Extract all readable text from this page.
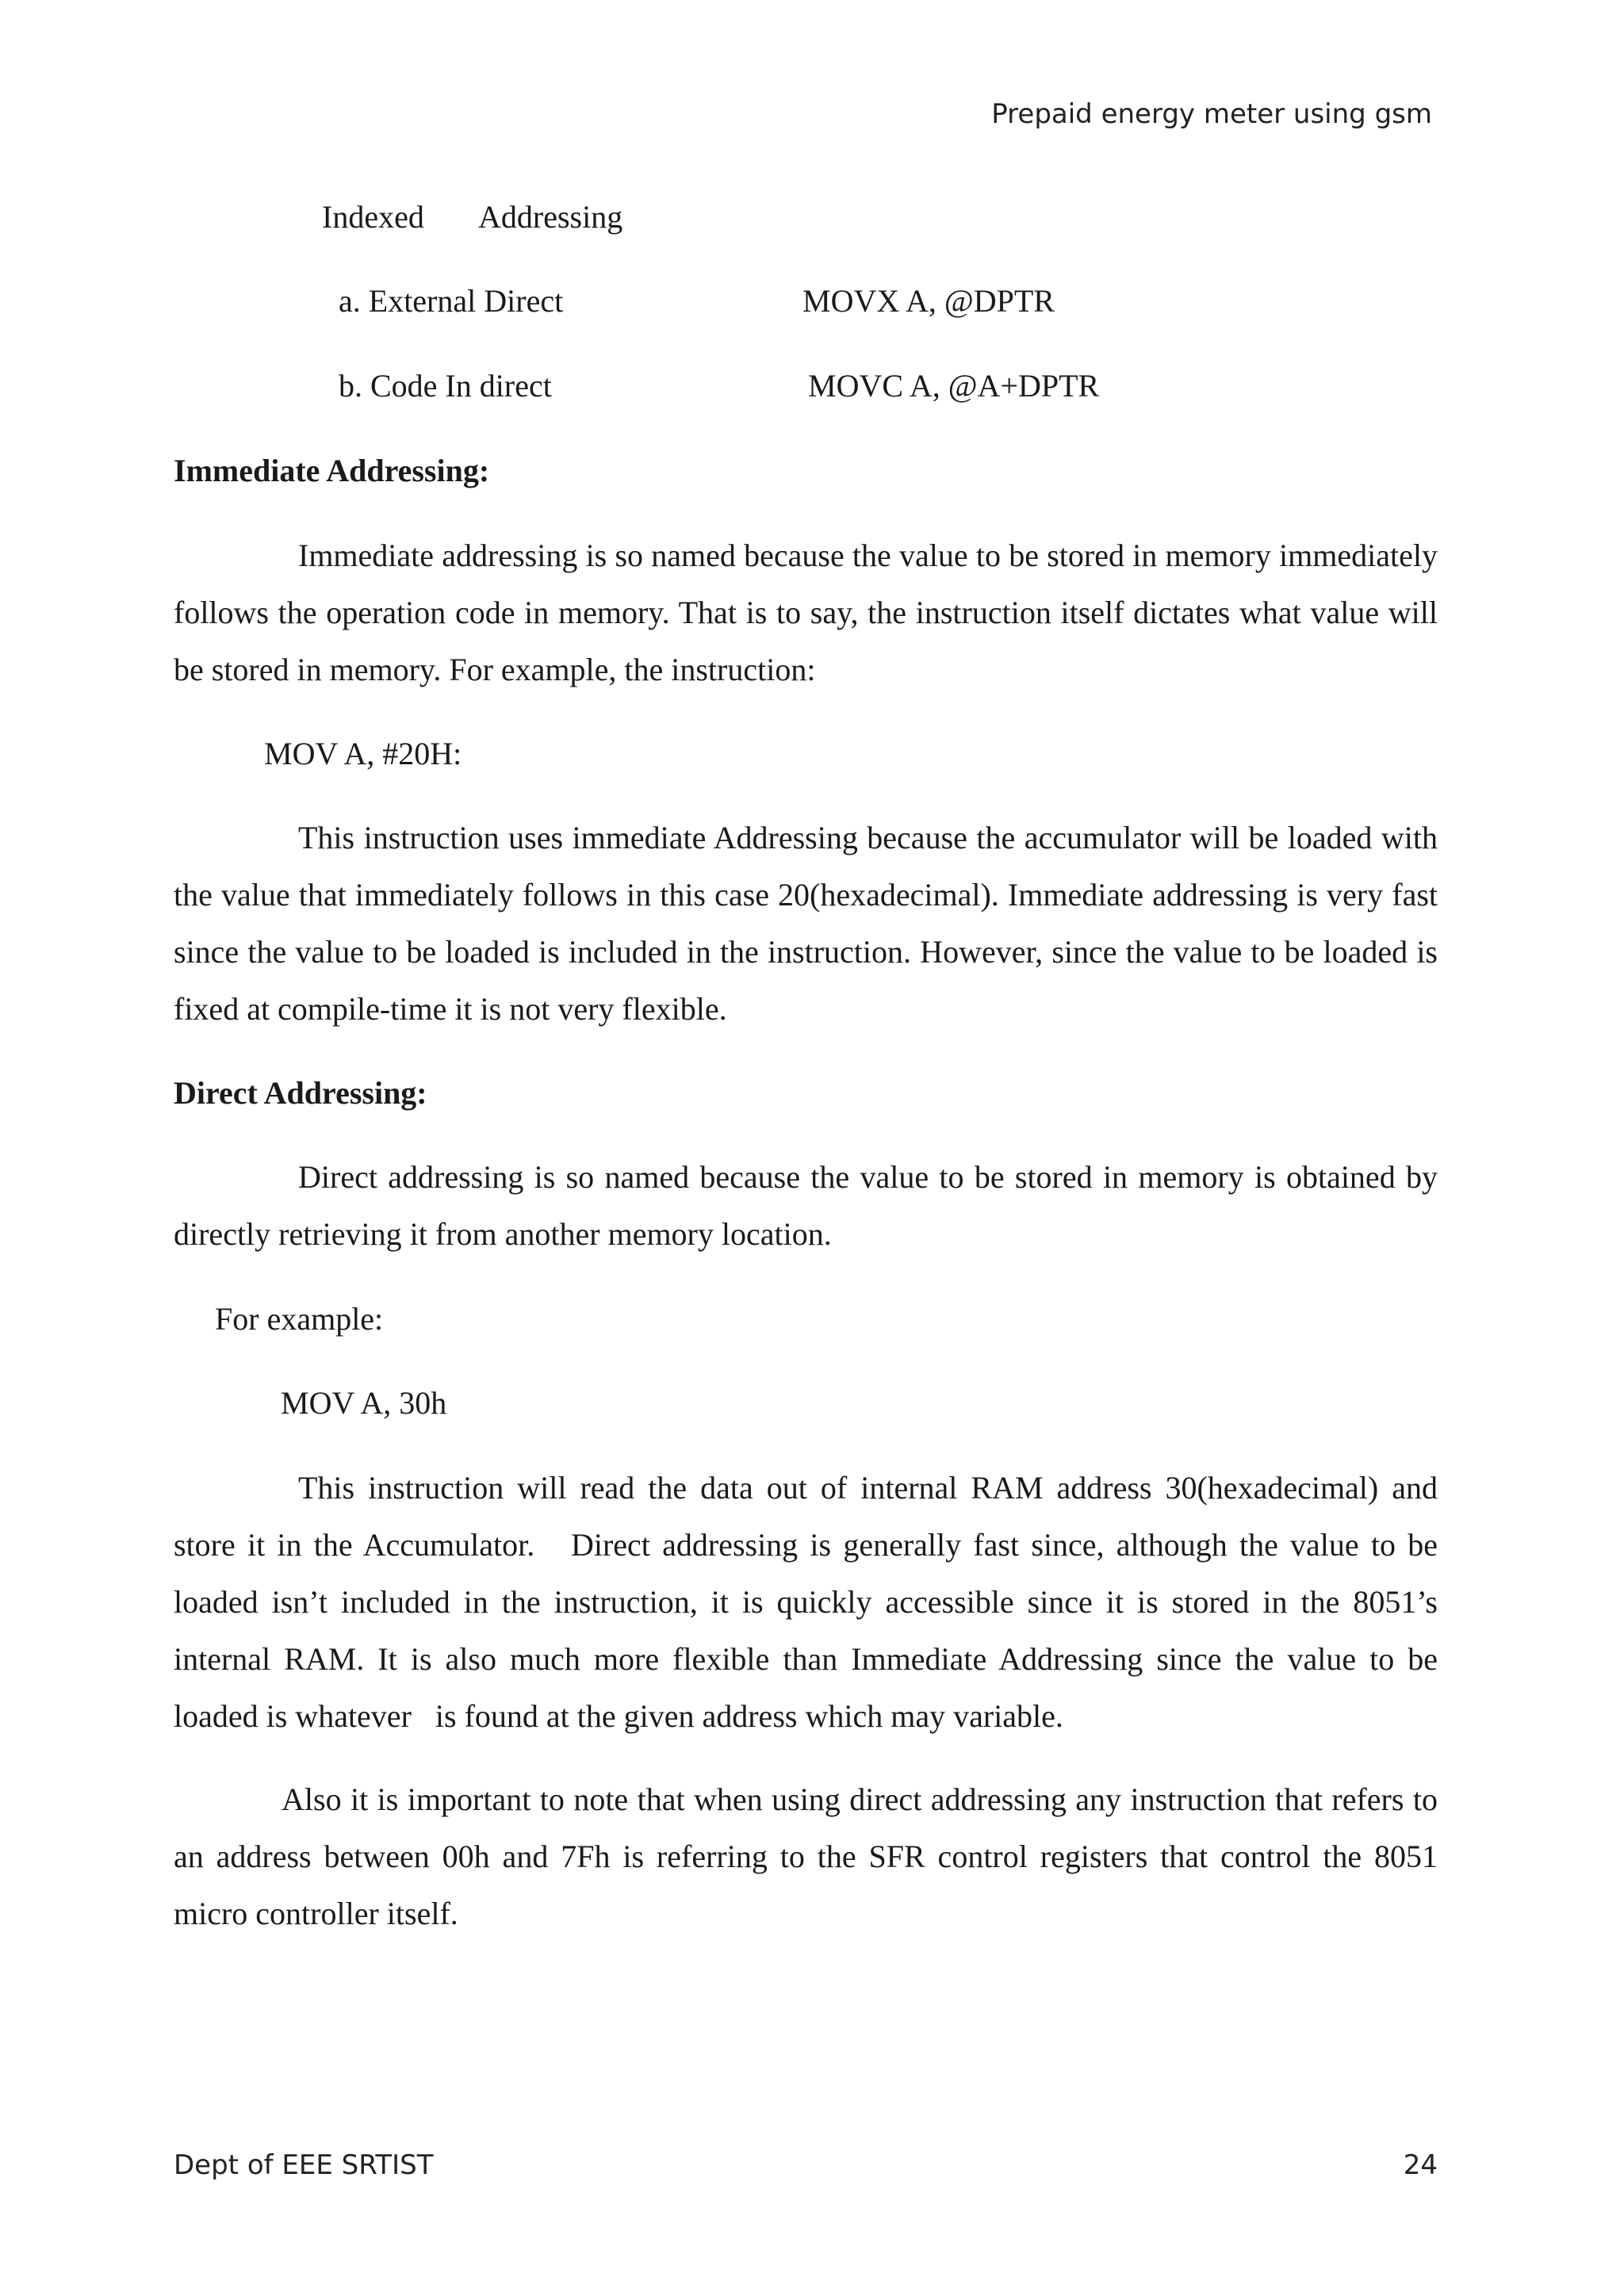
Prepaid energy meter using gsm
Indexed Addressing
a. External Direct	MOVX A, @DPTR
b. Code In direct	MOVC A, @A+DPTR
Immediate Addressing:
Immediate addressing is so named because the value to be stored in memory immediately follows the operation code in memory. That is to say, the instruction itself dictates what value will be stored in memory. For example, the instruction:
MOV A, #20H:
This instruction uses immediate Addressing because the accumulator will be loaded with the value that immediately follows in this case 20(hexadecimal). Immediate addressing is very fast since the value to be loaded is included in the instruction. However, since the value to be loaded is fixed at compile-time it is not very flexible.
Direct Addressing:
Direct addressing is so named because the value to be stored in memory is obtained by directly retrieving it from another memory location.
For example:
MOV A, 30h
This instruction will read the data out of internal RAM address 30(hexadecimal) and store it in the Accumulator.   Direct addressing is generally fast since, although the value to be loaded isn’t included in the instruction, it is quickly accessible since it is stored in the 8051’s internal RAM. It is also much more flexible than Immediate Addressing since the value to be loaded is whatever   is found at the given address which may variable.
Also it is important to note that when using direct addressing any instruction that refers to an address between 00h and 7Fh is referring to the SFR control registers that control the 8051 micro controller itself.
Dept of EEE SRTIST	24
